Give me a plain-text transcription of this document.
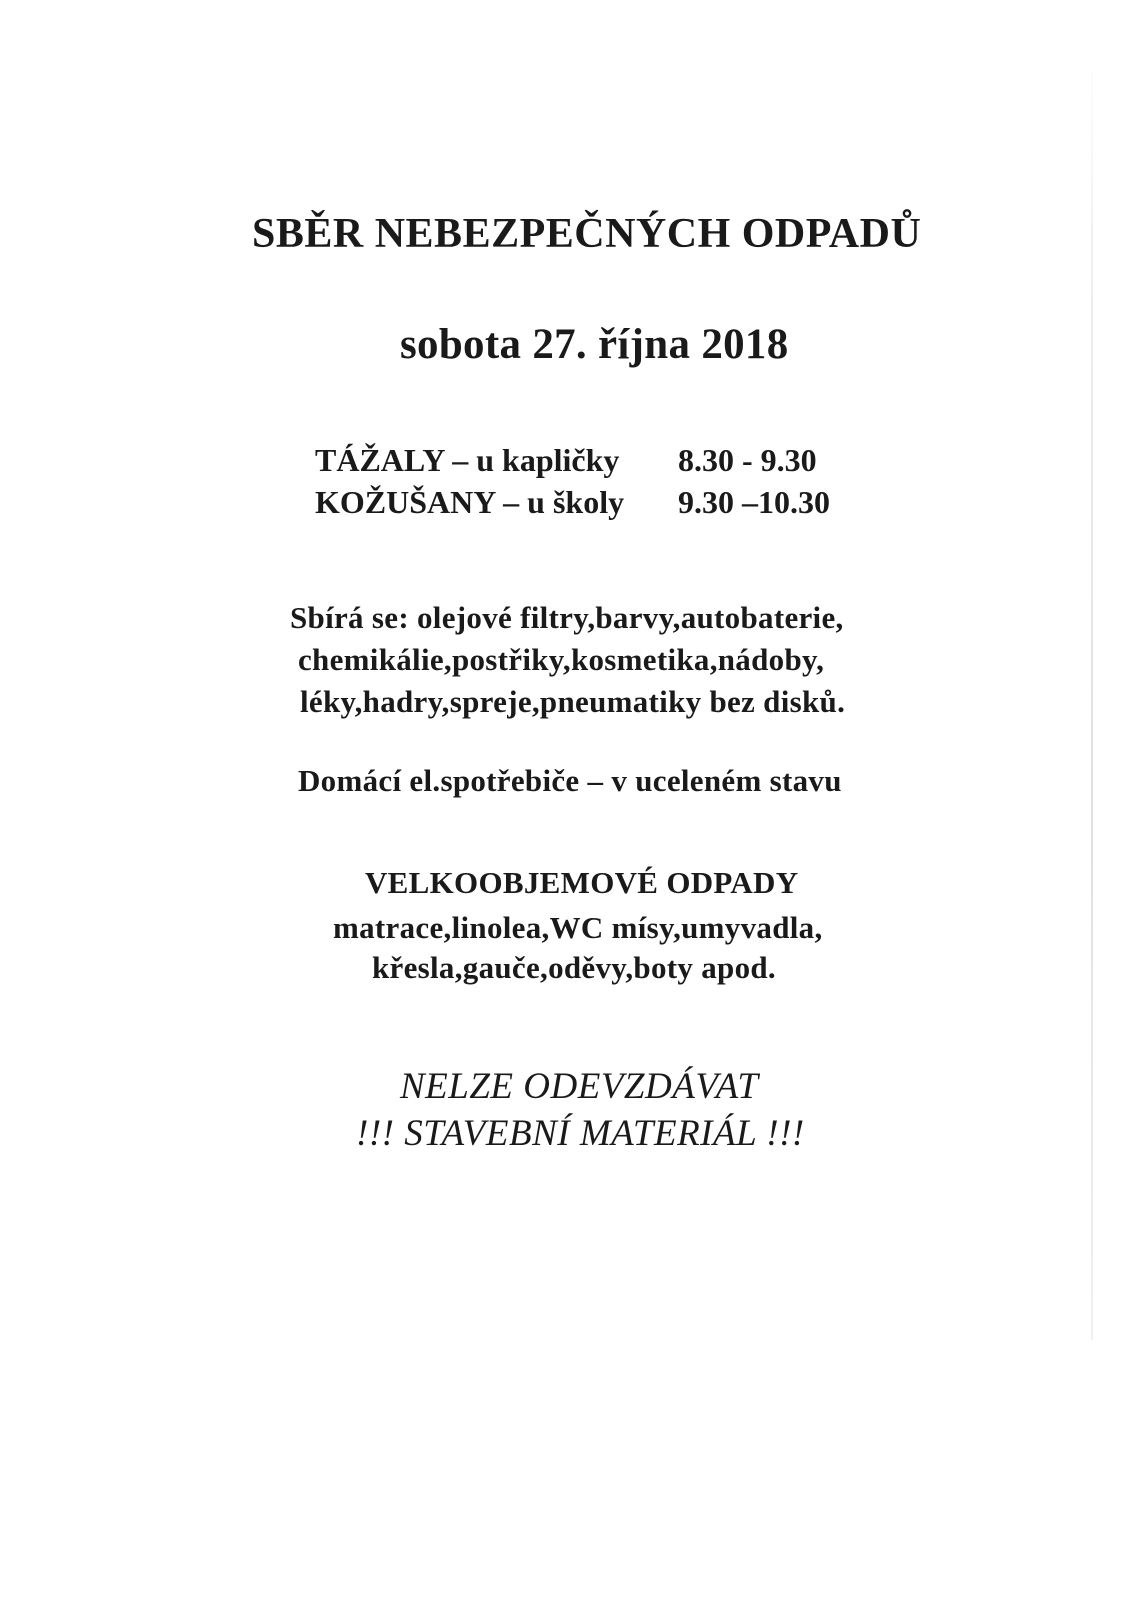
SBĚR NEBEZPEČNÝCH ODPADŮ
sobota 27. října 2018
TÁŽALY – u kapličky 8.30 - 9.30
KOŽUŠANY – u školy 9.30 –10.30
Sbírá se: olejové filtry,barvy,autobaterie,
chemikálie,postřiky,kosmetika,nádoby,
léky,hadry,spreje,pneumatiky bez disků.
Domácí el.spotřebiče – v uceleném stavu
VELKOOBJEMOVÉ ODPADY
matrace,linolea,WC mísy,umyvadla,
křesla,gauče,oděvy,boty apod.
NELZE ODEVZDÁVAT
!!! STAVEBNÍ MATERIÁL !!!
